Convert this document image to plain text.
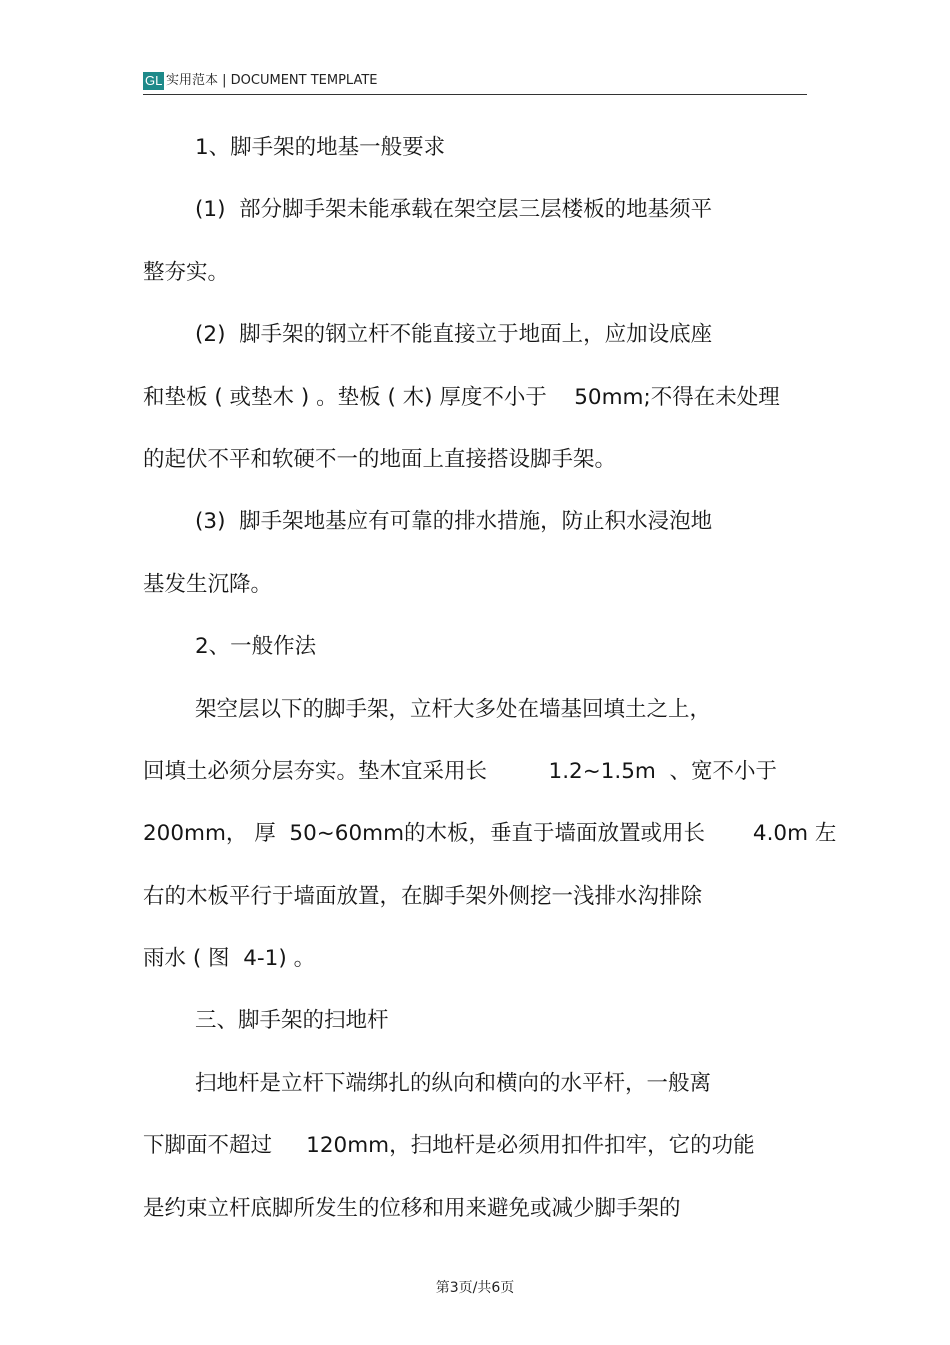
GL 实用范本 | DOCUMENT TEMPLATE
1、脚手架的地基一般要求
(1)  部分脚手架未能承载在架空层三层楼板的地基须平
整夯实。
(2)  脚手架的钢立杆不能直接立于地面上，应加设底座
和垫板 ( 或垫木 ) 。垫板 ( 木) 厚度不小于    50mm;不得在未处理
的起伏不平和软硬不一的地面上直接搭设脚手架。
(3)  脚手架地基应有可靠的排水措施，防止积水浸泡地
基发生沉降。
2、一般作法
架空层以下的脚手架，立杆大多处在墙基回填土之上，
回填土必须分层夯实。垫木宜采用长         1.2~1.5m  、宽不小于
200mm， 厚  50~60mm的木板，垂直于墙面放置或用长       4.0m 左
右的木板平行于墙面放置，在脚手架外侧挖一浅排水沟排除
雨水 ( 图  4-1) 。
三、脚手架的扫地杆
扫地杆是立杆下端绑扎的纵向和横向的水平杆，一般离
下脚面不超过     120mm，扫地杆是必须用扣件扣牢，它的功能
是约束立杆底脚所发生的位移和用来避免或减少脚手架的
第3页/共6页
